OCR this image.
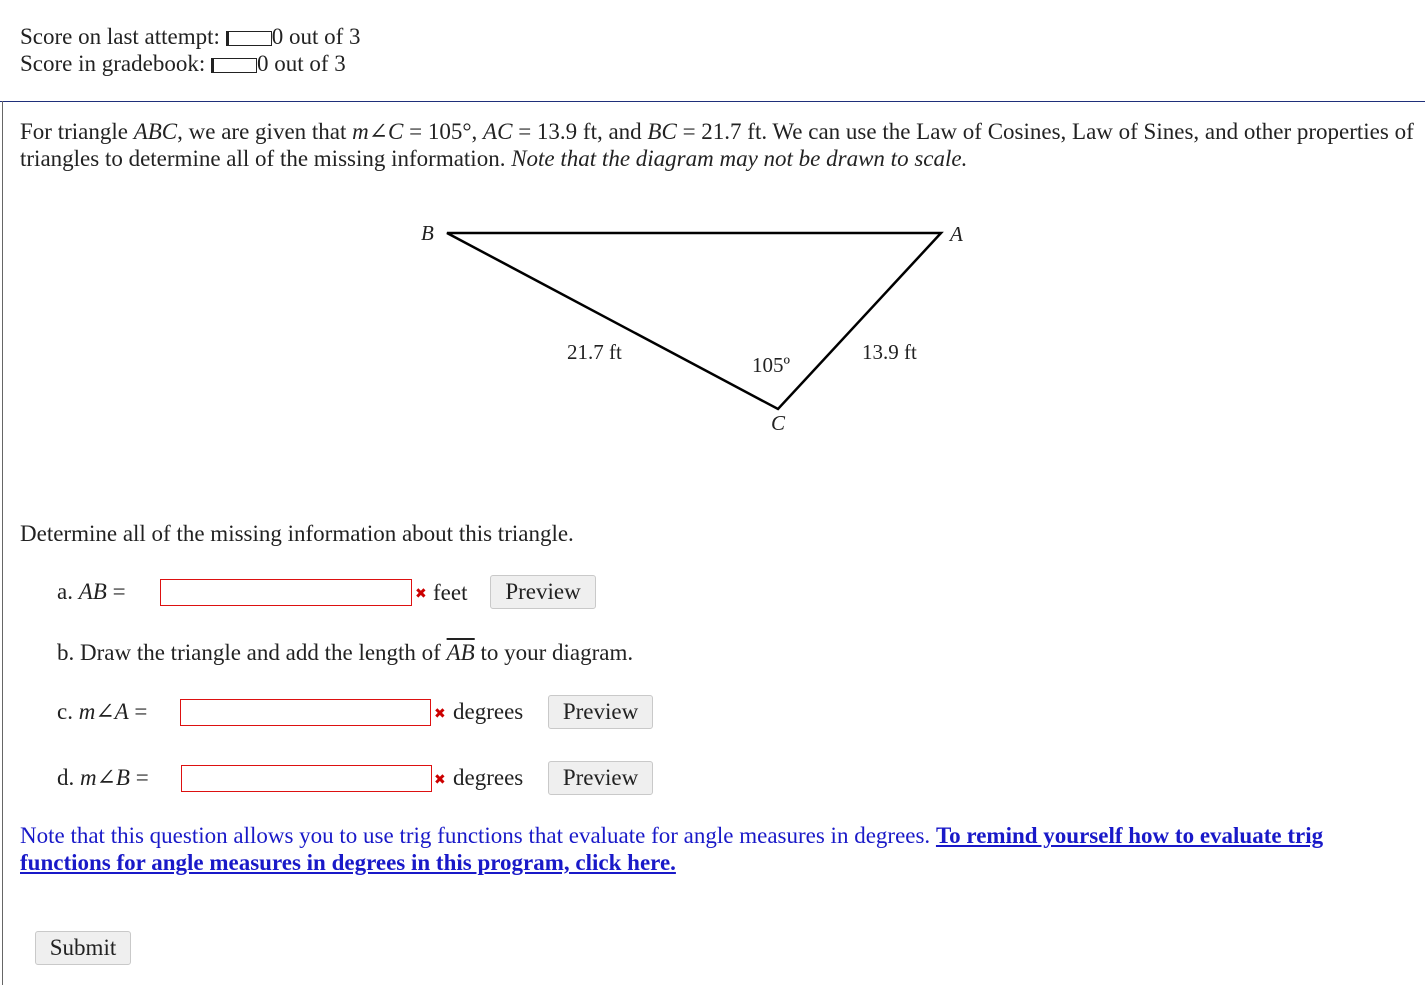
Score on last attempt: 0 out of 3
Score in gradebook: 0 out of 3
For triangle ABC, we are given that m∠C = 105°, AC = 13.9 ft, and BC = 21.7 ft. We can use the Law of Cosines, Law of Sines, and other properties of triangles to determine all of the missing information. Note that the diagram may not be drawn to scale.
B	A
C
21.7 ft	13.9 ft
105º
Determine all of the missing information about this triangle.
a. AB =	✖ feet	Preview
b. Draw the triangle and add the length of $\overline{AB}$ to your diagram.
c. m∠A =	✖ degrees	Preview
d. m∠B =	✖ degrees	Preview
Note that this question allows you to use trig functions that evaluate for angle measures in degrees. To remind yourself how to evaluate trig functions for angle measures in degrees in this program, click here.
Submit
